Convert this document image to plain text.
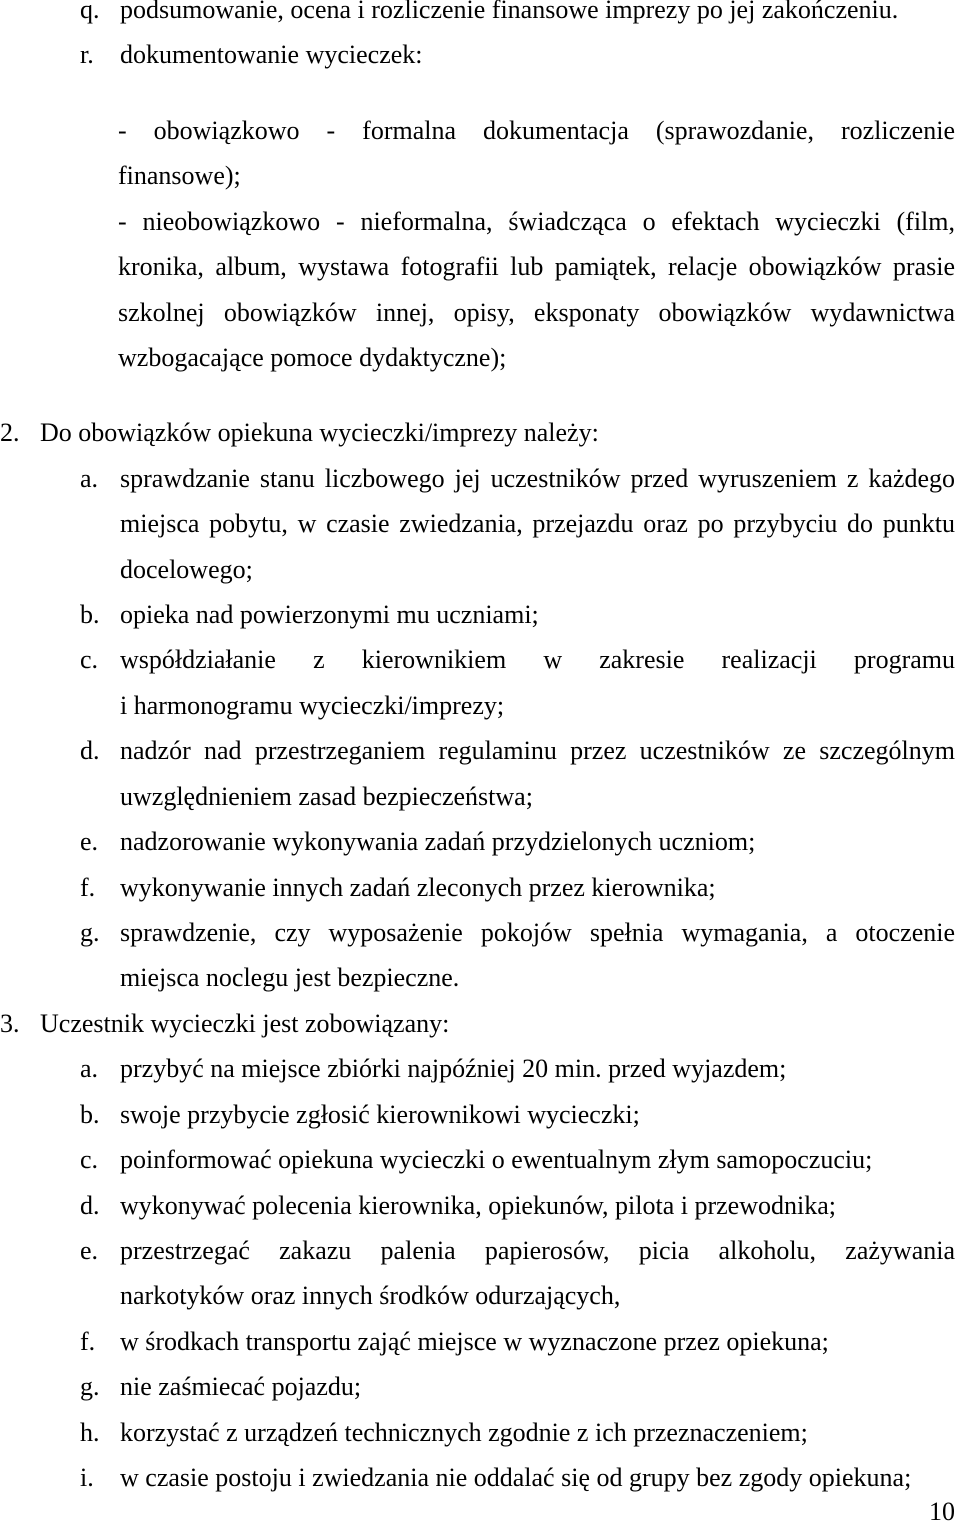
q. podsumowanie, ocena i rozliczenie finansowe imprezy po jej zakończeniu.
r. dokumentowanie wycieczek:
- obowiązkowo - formalna dokumentacja (sprawozdanie, rozliczenie
finansowe);
- nieobowiązkowo - nieformalna, świadcząca o efektach wycieczki (film,
kronika, album, wystawa fotografii lub pamiątek, relacje obowiązków prasie
szkolnej obowiązków innej, opisy, eksponaty obowiązków wydawnictwa
wzbogacające pomoce dydaktyczne);
2. Do obowiązków opiekuna wycieczki/imprezy należy:
a. sprawdzanie stanu liczbowego jej uczestników przed wyruszeniem z każdego
miejsca pobytu, w czasie zwiedzania, przejazdu oraz po przybyciu do punktu
docelowego;
b. opieka nad powierzonymi mu uczniami;
c. współdziałanie z kierownikiem w zakresie realizacji programu
i harmonogramu wycieczki/imprezy;
d. nadzór nad przestrzeganiem regulaminu przez uczestników ze szczególnym
uwzględnieniem zasad bezpieczeństwa;
e. nadzorowanie wykonywania zadań przydzielonych uczniom;
f. wykonywanie innych zadań zleconych przez kierownika;
g. sprawdzenie, czy wyposażenie pokojów spełnia wymagania, a otoczenie
miejsca noclegu jest bezpieczne.
3. Uczestnik wycieczki jest zobowiązany:
a. przybyć na miejsce zbiórki najpóźniej 20 min. przed wyjazdem;
b. swoje przybycie zgłosić kierownikowi wycieczki;
c. poinformować opiekuna wycieczki o ewentualnym złym samopoczuciu;
d. wykonywać polecenia kierownika, opiekunów, pilota i przewodnika;
e. przestrzegać zakazu palenia papierosów, picia alkoholu, zażywania
narkotyków oraz innych środków odurzających,
f. w środkach transportu zająć miejsce w wyznaczone przez opiekuna;
g. nie zaśmiecać pojazdu;
h. korzystać z urządzeń technicznych zgodnie z ich przeznaczeniem;
i. w czasie postoju i zwiedzania nie oddalać się od grupy bez zgody opiekuna;
10
